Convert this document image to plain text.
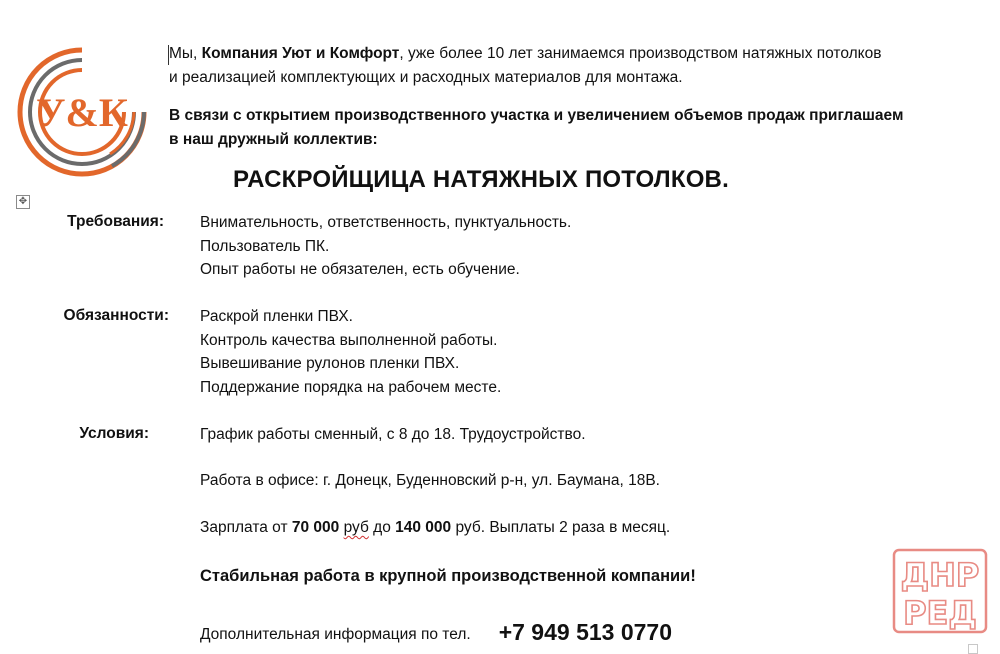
У&К
Мы, Компания Уют и Комфорт, уже более 10 лет занимаемся производством натяжных потолков
и реализацией комплектующих и расходных материалов для монтажа.
В связи с открытием производственного участка и увеличением объемов продаж приглашаем
в наш дружный коллектив:
РАСКРОЙЩИЦА НАТЯЖНЫХ ПОТОЛКОВ.
✥
Требования: Внимательность, ответственность, пунктуальность.
Пользователь ПК.
Опыт работы не обязателен, есть обучение.
Обязанности: Раскрой пленки ПВХ.
Контроль качества выполненной работы.
Вывешивание рулонов пленки ПВХ.
Поддержание порядка на рабочем месте.
Условия:	График работы сменный, с 8 до 18. Трудоустройство.
Работа в офисе: г. Донецк, Буденновский р-н, ул. Баумана, 18В.
Зарплата от 70 000 руб до 140 000 руб. Выплаты 2 раза в месяц.
Стабильная работа в крупной производственной компании!
Дополнительная информация по тел. +7 949 513 0770
ДНР
РЕД
